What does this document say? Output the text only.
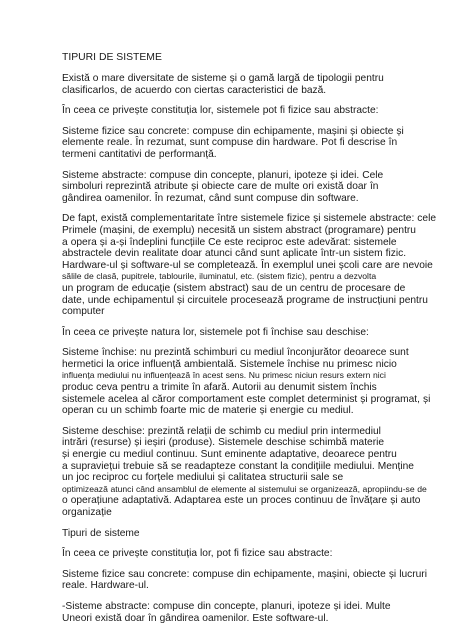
TIPURI DE SISTEME
Există o mare diversitate de sisteme și o gamă largă de tipologii pentru
clasificarlos, de acuerdo con ciertas caracteristici de bază.
În ceea ce privește constituția lor, sistemele pot fi fizice sau abstracte:
Sisteme fizice sau concrete: compuse din echipamente, mașini și obiecte și
elemente reale. În rezumat, sunt compuse din hardware. Pot fi descrise în
termeni cantitativi de performanță.
Sisteme abstracte: compuse din concepte, planuri, ipoteze și idei. Cele
simboluri reprezintă atribute și obiecte care de multe ori există doar în
gândirea oamenilor. În rezumat, când sunt compuse din software.
De fapt, există complementaritate între sistemele fizice și sistemele abstracte: cele
Primele (mașini, de exemplu) necesită un sistem abstract (programare) pentru
a opera și a-și îndeplini funcțiile Ce este reciproc este adevărat: sistemele
abstractele devin realitate doar atunci când sunt aplicate într-un sistem fizic.
Hardware-ul și software-ul se completează. În exemplul unei școli care are nevoie
sălile de clasă, pupitrele, tablourile, iluminatul, etc. (sistem fizic), pentru a dezvolta
un program de educație (sistem abstract) sau de un centru de procesare de
date, unde echipamentul și circuitele procesează programe de instrucțiuni pentru
computer
În ceea ce privește natura lor, sistemele pot fi închise sau deschise:
Sisteme închise: nu prezintă schimburi cu mediul înconjurător deoarece sunt
hermetici la orice influență ambientală. Sistemele închise nu primesc nicio
influența mediului nu influențează în acest sens. Nu primesc niciun resurs extern nici
produc ceva pentru a trimite în afară. Autorii au denumit sistem închis
sistemele acelea al căror comportament este complet determinist și programat, și
operan cu un schimb foarte mic de materie și energie cu mediul.
Sisteme deschise: prezintă relații de schimb cu mediul prin intermediul
intrări (resurse) și ieșiri (produse). Sistemele deschise schimbă materie
și energie cu mediul continuu. Sunt eminente adaptative, deoarece pentru
a supraviețui trebuie să se readapteze constant la condițiile mediului. Menține
un joc reciproc cu forțele mediului și calitatea structurii sale se
optimizează atunci când ansamblul de elemente al sistemului se organizează, apropiindu-se de
o operațiune adaptativă. Adaptarea este un proces continuu de învățare și auto
organizație
Tipuri de sisteme
În ceea ce privește constituția lor, pot fi fizice sau abstracte:
Sisteme fizice sau concrete: compuse din echipamente, mașini, obiecte și lucruri
reale. Hardware-ul.
-Sisteme abstracte: compuse din concepte, planuri, ipoteze și idei. Multe
Uneori există doar în gândirea oamenilor. Este software-ul.
